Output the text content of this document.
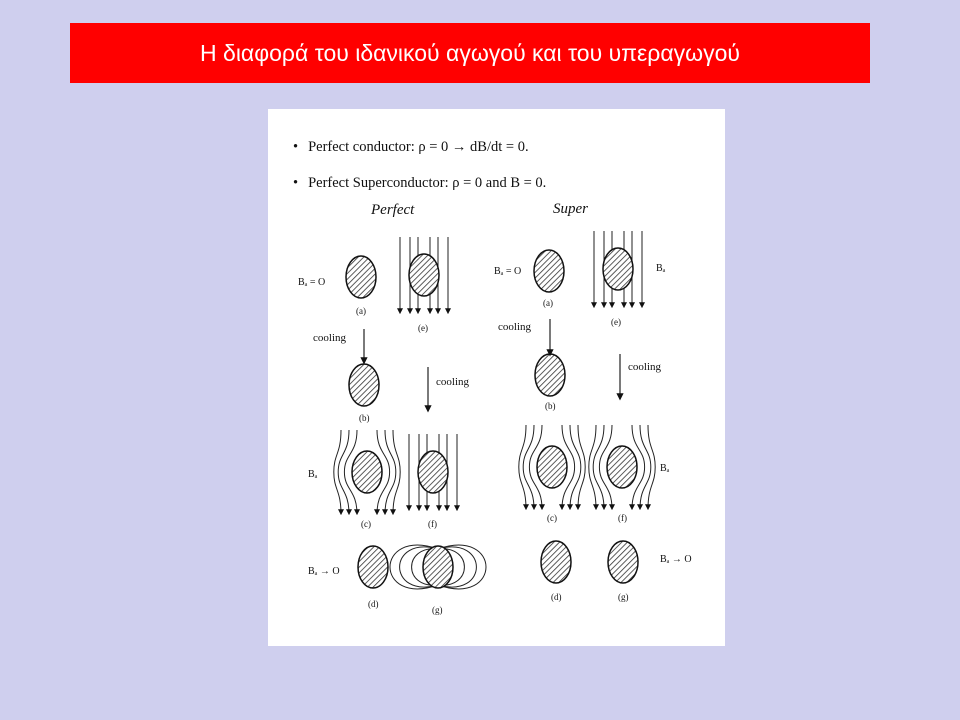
Η διαφορά του ιδανικού αγωγού και του υπεραγωγού
• Perfect conductor: ρ = 0 → dB/dt = 0.
• Perfect Superconductor: ρ = 0 and B = 0.
Perfect	Super
(a)
Bₐ = O
(e)
cooling
(b)
cooling
(c)
Bₐ
(f)
(d)
Bₐ → O
(g)
(a)
Bₐ = O
(e)
Bₐ
cooling
(b)
cooling
(c)	(f)
Bₐ
(d)	(g)
Bₐ → O
